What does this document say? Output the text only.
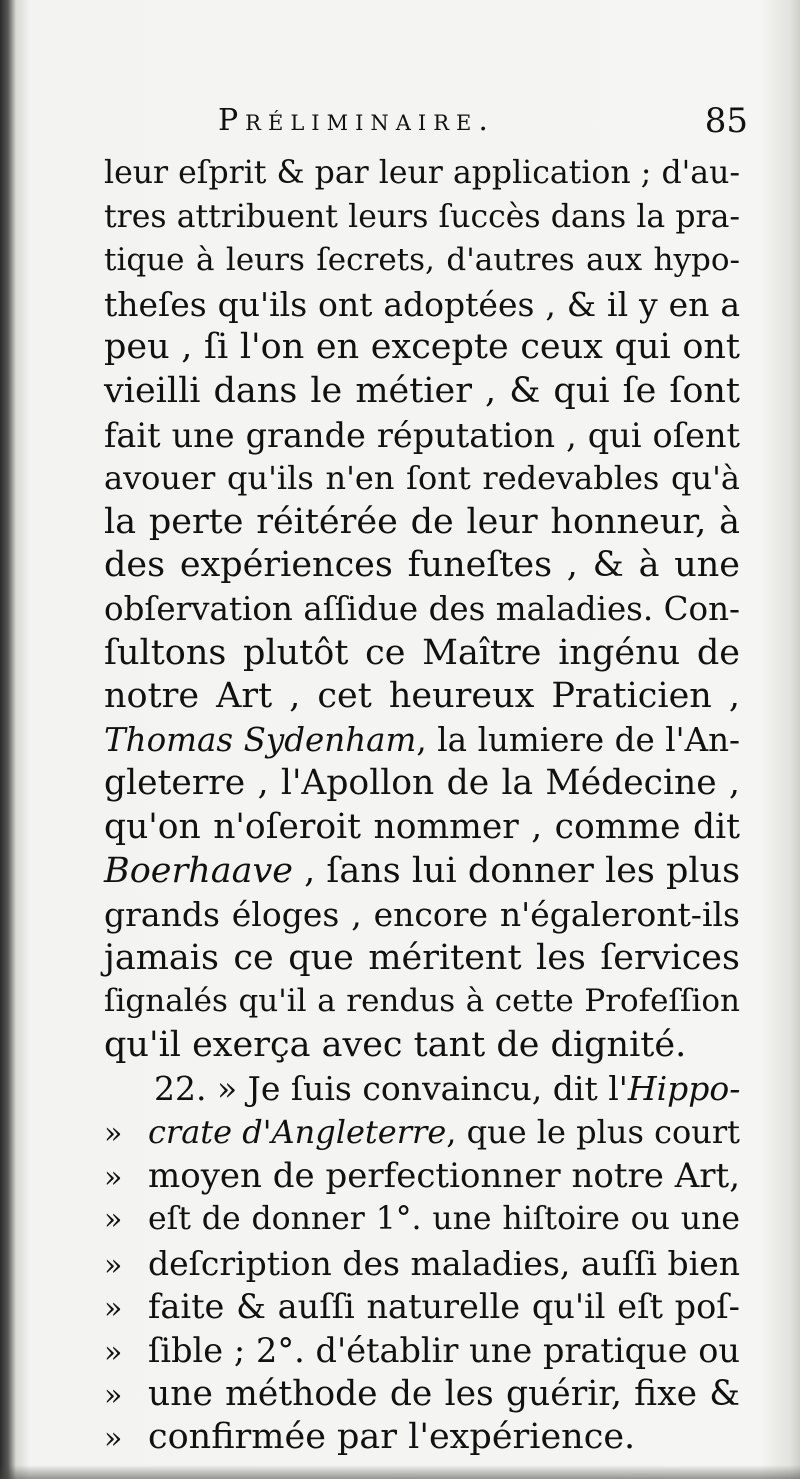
Préliminaire.	85
leur eſprit & par leur application ; d'au-
tres attribuent leurs ſuccès dans la pra-
tique à leurs ſecrets, d'autres aux hypo-
theſes qu'ils ont adoptées , & il y en a
peu , ſi l'on en excepte ceux qui ont
vieilli dans le métier , & qui ſe ſont
fait une grande réputation , qui oſent
avouer qu'ils n'en ſont redevables qu'à
la perte réitérée de leur honneur, à
des expériences funeſtes , & à une
obſervation aſſidue des maladies. Con-
ſultons plutôt ce Maître ingénu de
notre Art , cet heureux Praticien ,
Thomas Sydenham, la lumiere de l'An-
gleterre , l'Apollon de la Médecine ,
qu'on n'oſeroit nommer , comme dit
Boerhaave , ſans lui donner les plus
grands éloges , encore n'égaleront-ils
jamais ce que méritent les ſervices
ſignalés qu'il a rendus à cette Profeſſion
qu'il exerça avec tant de dignité.
22. » Je ſuis convaincu, dit l'Hippo-
» crate d'Angleterre, que le plus court
» moyen de perfectionner notre Art,
» eſt de donner 1°. une hiſtoire ou une
» deſcription des maladies, auſſi bien
» faite & auſſi naturelle qu'il eſt poſ-
» ſible ; 2°. d'établir une pratique ou
» une méthode de les guérir, fixe &
» confirmée par l'expérience.
